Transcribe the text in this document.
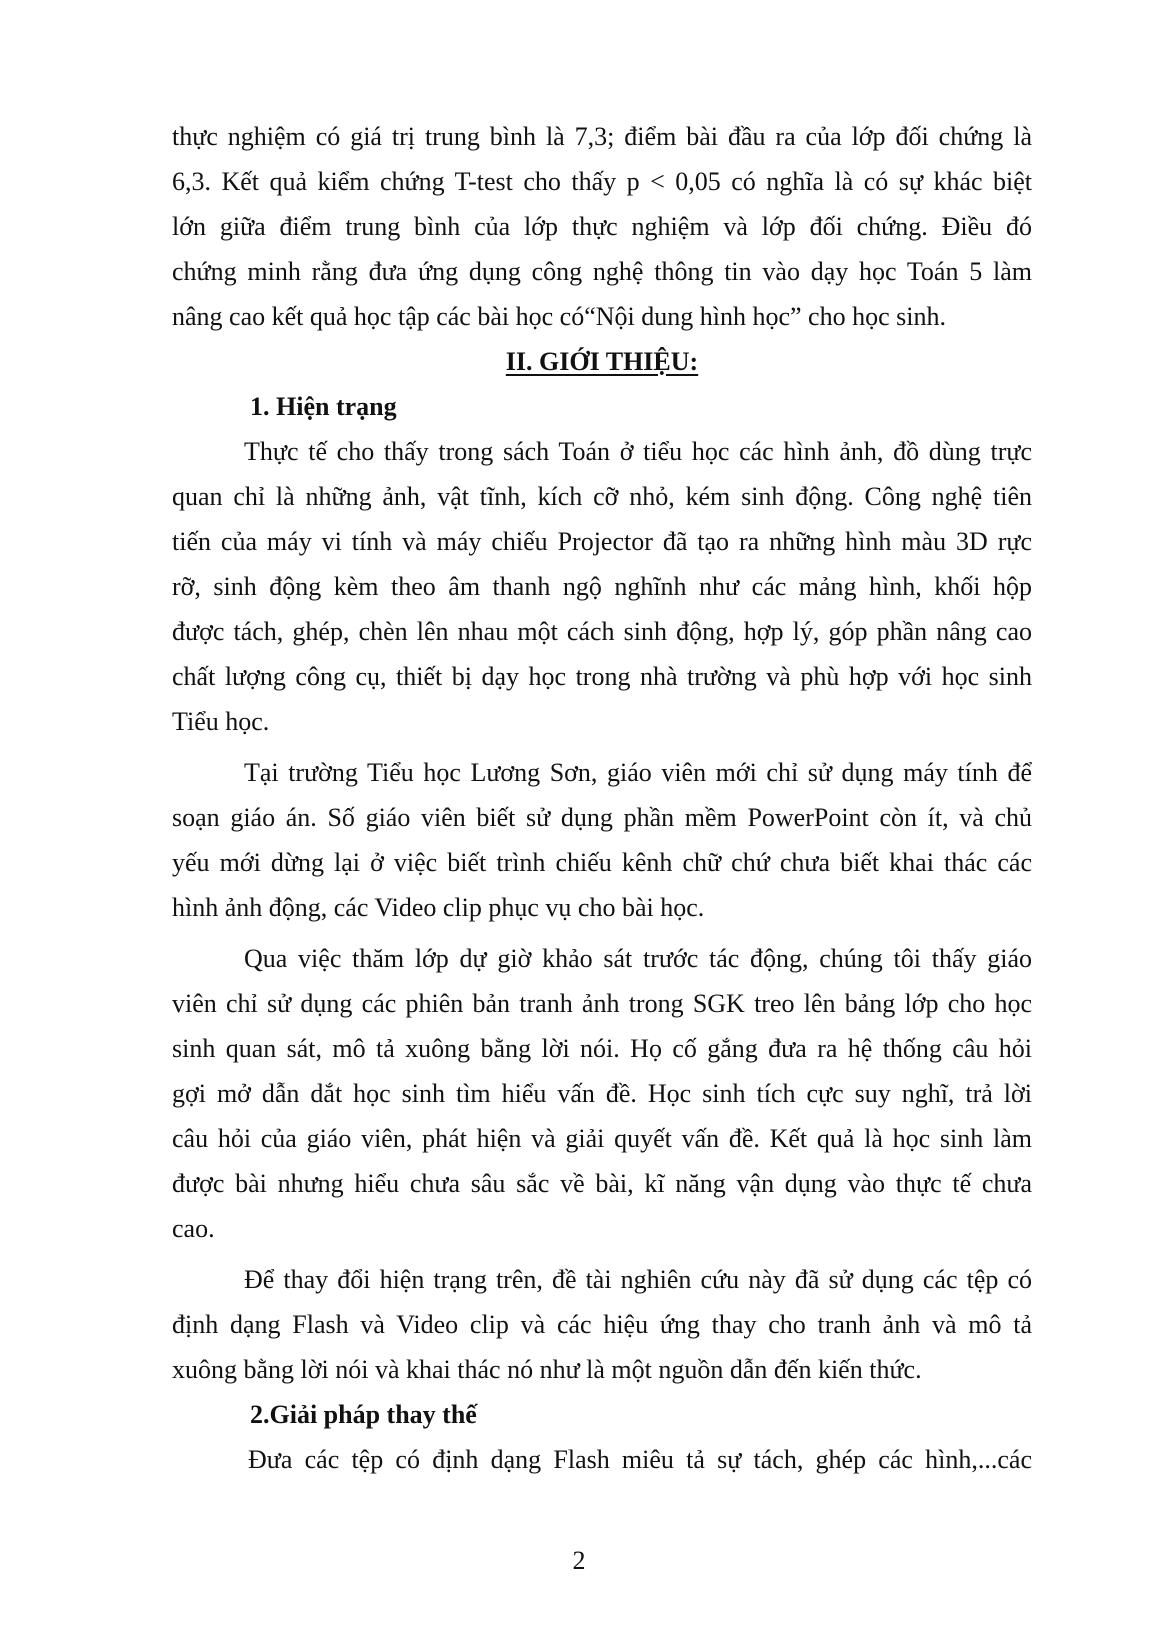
thực nghiệm có giá trị trung bình là 7,3; điểm bài đầu ra của lớp đối chứng là
6,3. Kết quả kiểm chứng T-test cho thấy p < 0,05 có nghĩa là có sự khác biệt
lớn giữa điểm trung bình của lớp thực nghiệm và lớp đối chứng. Điều đó
chứng minh rằng đưa ứng dụng công nghệ thông tin vào dạy học Toán 5 làm
nâng cao kết quả học tập các bài học có“Nội dung hình học” cho học sinh.
II. GIỚI THIỆU:
1. Hiện trạng
Thực tế cho thấy trong sách Toán ở tiểu học các hình ảnh, đồ dùng trực
quan chỉ là những ảnh, vật tĩnh, kích cỡ nhỏ, kém sinh động. Công nghệ tiên
tiến của máy vi tính và máy chiếu Projector đã tạo ra những hình màu 3D rực
rỡ, sinh động kèm theo âm thanh ngộ nghĩnh như các mảng hình, khối hộp
được tách, ghép, chèn lên nhau một cách sinh động, hợp lý, góp phần nâng cao
chất lượng công cụ, thiết bị dạy học trong nhà trường và phù hợp với học sinh
Tiểu học.
Tại trường Tiểu học Lương Sơn, giáo viên mới chỉ sử dụng máy tính để
soạn giáo án. Số giáo viên biết sử dụng phần mềm PowerPoint còn ít, và chủ
yếu mới dừng lại ở việc biết trình chiếu kênh chữ chứ chưa biết khai thác các
hình ảnh động, các Video clip phục vụ cho bài học.
Qua việc thăm lớp dự giờ khảo sát trước tác động, chúng tôi thấy giáo
viên chỉ sử dụng các phiên bản tranh ảnh trong SGK treo lên bảng lớp cho học
sinh quan sát, mô tả xuông bằng lời nói. Họ cố gắng đưa ra hệ thống câu hỏi
gợi mở dẫn dắt học sinh tìm hiểu vấn đề. Học sinh tích cực suy nghĩ, trả lời
câu hỏi của giáo viên, phát hiện và giải quyết vấn đề. Kết quả là học sinh làm
được bài nhưng hiểu chưa sâu sắc về bài, kĩ năng vận dụng vào thực tế chưa
cao.
Để thay đổi hiện trạng trên, đề tài nghiên cứu này đã sử dụng các tệp có
định dạng Flash và Video clip và các hiệu ứng thay cho tranh ảnh và mô tả
xuông bằng lời nói và khai thác nó như là một nguồn dẫn đến kiến thức.
2.Giải pháp thay thế
Đưa các tệp có định dạng Flash miêu tả sự tách, ghép các hình,...các
2
